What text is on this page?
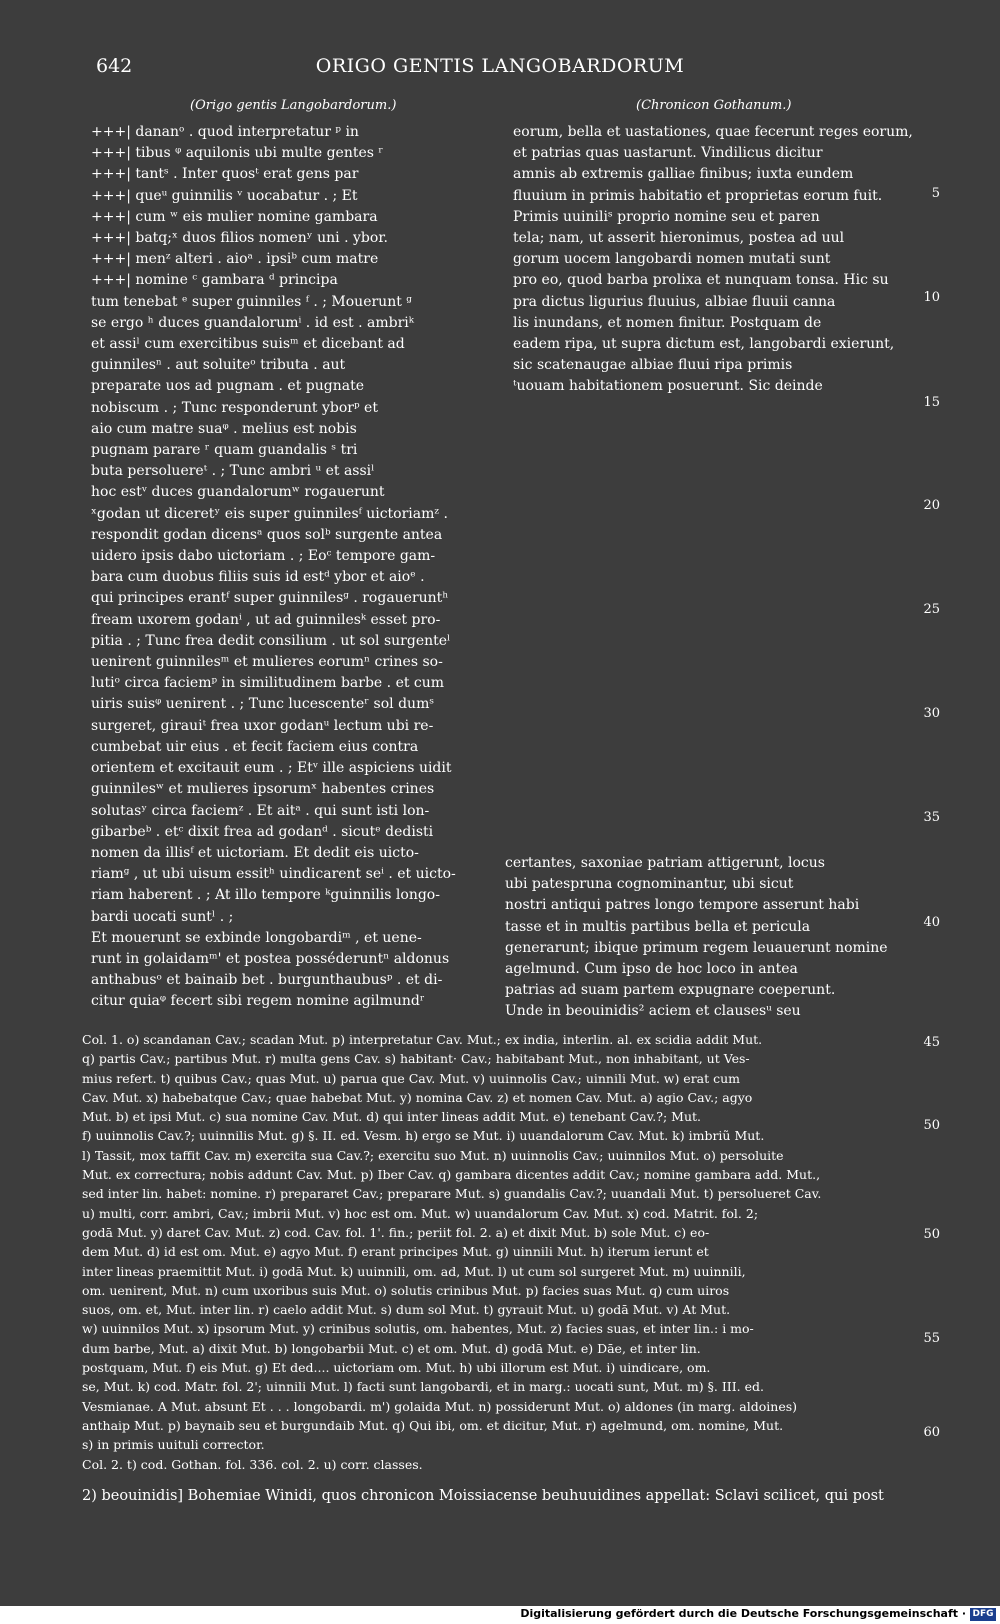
642	ORIGO GENTIS LANGOBARDORUM
(Origo gentis Langobardorum.)	(Chronicon Gothanum.)

+++| dananᵒ . quod interpretatur ᵖ in

+++| tibus ᵠ aquilonis ubi multe gentes ʳ

+++| tantˢ . Inter quosᵗ erat gens par

+++| queᵘ guinnilis ᵛ uocabatur . ; Et

+++| cum ʷ eis mulier nomine gambara

+++| batq;ˣ duos filios nomenʸ uni . ybor.

+++| menᶻ alteri . aioᵃ . ipsiᵇ cum matre

+++| nomine ᶜ gambara ᵈ principa

tum tenebat ᵉ super guinniles ᶠ . ; Mouerunt ᵍ

se ergo ʰ duces guandalorumⁱ . id est . ambriᵏ

et assiˡ cum exercitibus suisᵐ et dicebant ad

guinnilesⁿ . aut soluiteᵒ tributa . aut

preparate uos ad pugnam . et pugnate

nobiscum . ; Tunc responderunt yborᵖ et

aio cum matre suaᵠ . melius est nobis

pugnam parare ʳ quam guandalis ˢ tri

buta persoluereᵗ . ; Tunc ambri ᵘ et assiˡ

hoc estᵛ duces guandalorumʷ rogauerunt

ˣgodan ut diceretʸ eis super guinnilesᶠ uictoriamᶻ .

respondit godan dicensᵃ quos solᵇ surgente antea

uidero ipsis dabo uictoriam . ; Eoᶜ tempore gam-

bara cum duobus filiis suis id estᵈ ybor et aioᵉ .

qui principes erantᶠ super guinnilesᵍ . rogaueruntʰ

fream uxorem godanⁱ , ut ad guinnilesᵏ esset pro-

pitia . ; Tunc frea dedit consilium . ut sol surgenteˡ

uenirent guinnilesᵐ et mulieres eorumⁿ crines so-

lutiᵒ circa faciemᵖ in similitudinem barbe . et cum

uiris suisᵠ uenirent . ; Tunc lucescenteʳ sol dumˢ

surgeret, girauiᵗ frea uxor godanᵘ lectum ubi re-

cumbebat uir eius . et fecit faciem eius contra

orientem et excitauit eum . ; Etᵛ ille aspiciens uidit

guinnilesʷ et mulieres ipsorumˣ habentes crines

solutasʸ circa faciemᶻ . Et aitᵃ . qui sunt isti lon-

gibarbeᵇ . etᶜ dixit frea ad godanᵈ . sicutᵉ dedisti

nomen da illisᶠ et uictoriam. Et dedit eis uicto-

riamᵍ , ut ubi uisum essitʰ uindicarent seⁱ . et uicto-

riam haberent . ; At illo tempore ᵏguinnilis longo-

bardi uocati suntˡ . ;

Et mouerunt se exbinde longobardiᵐ , et uene-

runt in golaidamᵐ' et postea posséderuntⁿ aldonus

anthabusᵒ et bainaib bet . burgunthaubusᵖ . et di-

citur quiaᵠ fecert sibi regem nomine agilmundʳ

eorum, bella et uastationes, quae fecerunt reges eorum,

et patrias quas uastarunt. Vindilicus dicitur

amnis ab extremis galliae finibus; iuxta eundem

fluuium in primis habitatio et proprietas eorum fuit.

Primis uuiniliˢ proprio nomine seu et paren

tela; nam, ut asserit hieronimus, postea ad uul

gorum uocem langobardi nomen mutati sunt

pro eo, quod barba prolixa et nunquam tonsa. Hic su

pra dictus ligurius fluuius, albiae fluuii canna

lis inundans, et nomen finitur. Postquam de

eadem ripa, ut supra dictum est, langobardi exierunt,

sic scatenaugae albiae fluui ripa primis

ᵗuouam habitationem posuerunt. Sic deinde

certantes, saxoniae patriam attigerunt, locus

ubi patespruna cognominantur, ubi sicut

nostri antiqui patres longo tempore asserunt habi

tasse et in multis partibus bella et pericula

generarunt; ibique primum regem leuauerunt nomine

agelmund. Cum ipso de hoc loco in antea

patrias ad suam partem expugnare coeperunt.

Unde in beouinidis² aciem et clausesᵘ seu

5
10
15
20
25
30
35
40
45
50
50
55
60

Col. 1. o) scandanan Cav.; scadan Mut. p) interpretatur Cav. Mut.; ex india, interlin. al. ex scidia addit Mut.

q) partis Cav.; partibus Mut. r) multa gens Cav. s) habitant· Cav.; habitabant Mut., non inhabitant, ut Ves-

mius refert. t) quibus Cav.; quas Mut. u) parua que Cav. Mut. v) uuinnolis Cav.; uinnili Mut. w) erat cum

Cav. Mut. x) habebatque Cav.; quae habebat Mut. y) nomina Cav. z) et nomen Cav. Mut. a) agio Cav.; agyo

Mut. b) et ipsi Mut. c) sua nomine Cav. Mut. d) qui inter lineas addit Mut. e) tenebant Cav.?; Mut.

f) uuinnolis Cav.?; uuinnilis Mut. g) §. II. ed. Vesm. h) ergo se Mut. i) uuandalorum Cav. Mut. k) imbriũ Mut.

l) Tassit, mox taffit Cav. m) exercita sua Cav.?; exercitu suo Mut. n) uuinnolis Cav.; uuinnilos Mut. o) persoluite

Mut. ex correctura; nobis addunt Cav. Mut. p) Iber Cav. q) gambara dicentes addit Cav.; nomine gambara add. Mut.,

sed inter lin. habet: nomine. r) prepararet Cav.; preparare Mut. s) guandalis Cav.?; uuandali Mut. t) persolueret Cav.

u) multi, corr. ambri, Cav.; imbrii Mut. v) hoc est om. Mut. w) uuandalorum Cav. Mut. x) cod. Matrit. fol. 2;

godā Mut. y) daret Cav. Mut. z) cod. Cav. fol. 1'. fin.; periit fol. 2. a) et dixit Mut. b) sole Mut. c) eo-

dem Mut. d) id est om. Mut. e) agyo Mut. f) erant principes Mut. g) uinnili Mut. h) iterum ierunt et

inter lineas praemittit Mut. i) godā Mut. k) uuinnili, om. ad, Mut. l) ut cum sol surgeret Mut. m) uuinnili,

om. uenirent, Mut. n) cum uxoribus suis Mut. o) solutis crinibus Mut. p) facies suas Mut. q) cum uiros

suos, om. et, Mut. inter lin. r) caelo addit Mut. s) dum sol Mut. t) gyrauit Mut. u) godā Mut. v) At Mut.

w) uuinnilos Mut. x) ipsorum Mut. y) crinibus solutis, om. habentes, Mut. z) facies suas, et inter lin.: i mo-

dum barbe, Mut. a) dixit Mut. b) longobarbii Mut. c) et om. Mut. d) godā Mut. e) Dāe, et inter lin.

postquam, Mut. f) eis Mut. g) Et ded.... uictoriam om. Mut. h) ubi illorum est Mut. i) uindicare, om.

se, Mut. k) cod. Matr. fol. 2'; uinnili Mut. l) facti sunt langobardi, et in marg.: uocati sunt, Mut. m) §. III. ed.

Vesmianae. A Mut. absunt Et . . . longobardi. m') golaida Mut. n) possiderunt Mut. o) aldones (in marg. aldoines)

anthaip Mut. p) baynaib seu et burgundaib Mut. q) Qui ibi, om. et dicitur, Mut. r) agelmund, om. nomine, Mut.

s) in primis uuituli corrector.

Col. 2. t) cod. Gothan. fol. 336. col. 2. u) corr. classes.

2) beouinidis] Bohemiae Winidi, quos chronicon Moissiacense beuhuuidines appellat: Sclavi scilicet, qui post
Digitalisierung gefördert durch die Deutsche Forschungsgemeinschaft · DFG
